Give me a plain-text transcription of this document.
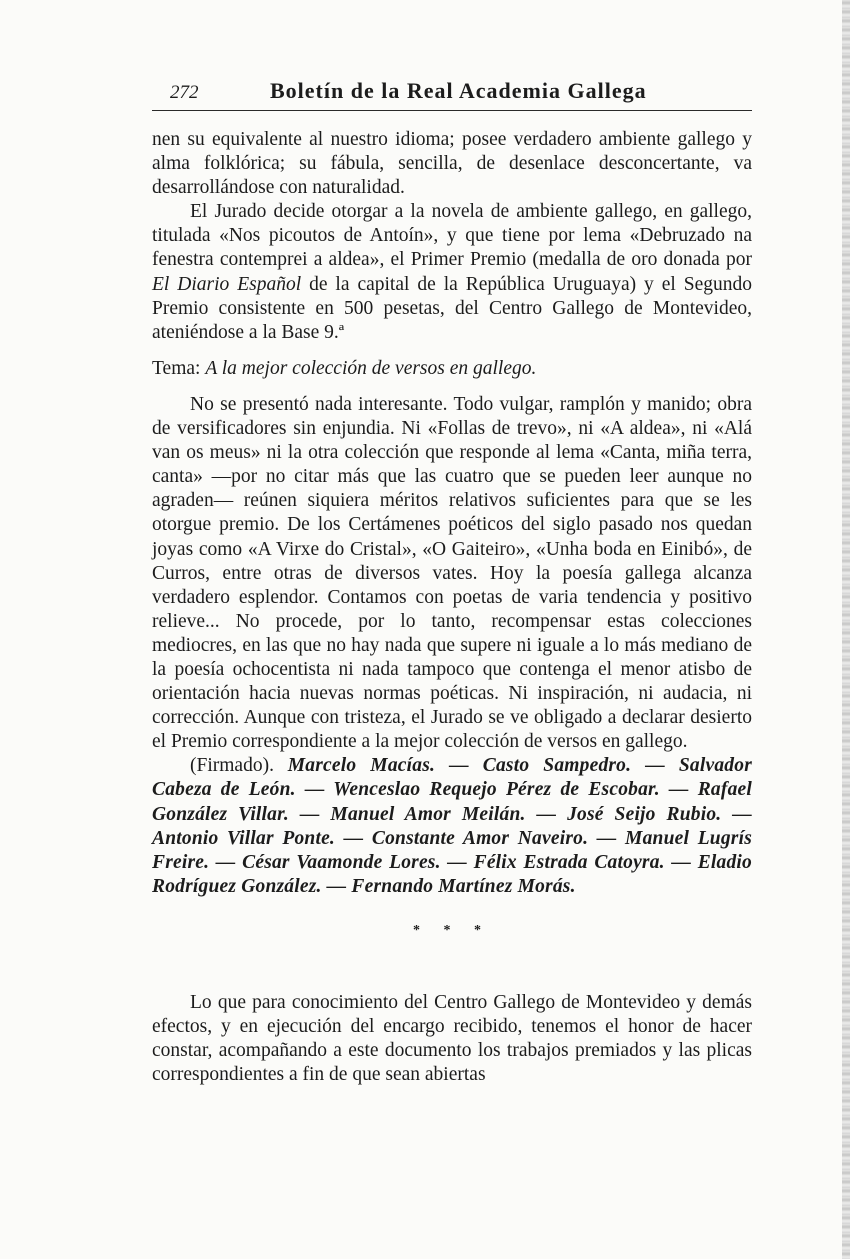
272	Boletín de la Real Academia Gallega

nen su equivalente al nuestro idioma; posee verdadero ambiente gallego y alma folklórica; su fábula, sencilla, de desenlace desconcertante, va desarrollándose con naturalidad.

El Jurado decide otorgar a la novela de ambiente gallego, en gallego, titulada «Nos picoutos de Antoín», y que tiene por lema «Debruzado na fenestra contemprei a aldea», el Primer Premio (medalla de oro donada por El Diario Español de la capital de la República Uruguaya) y el Segundo Premio consistente en 500 pesetas, del Centro Gallego de Montevideo, ateniéndose a la Base 9.ª

Tema: A la mejor colección de versos en gallego.

No se presentó nada interesante. Todo vulgar, ramplón y manido; obra de versificadores sin enjundia. Ni «Follas de trevo», ni «A aldea», ni «Alá van os meus» ni la otra colección que responde al lema «Canta, miña terra, canta» —por no citar más que las cuatro que se pueden leer aunque no agraden— reúnen siquiera méritos relativos suficientes para que se les otorgue premio. De los Certámenes poéticos del siglo pasado nos quedan joyas como «A Virxe do Cristal», «O Gaiteiro», «Unha boda en Einibó», de Curros, entre otras de diversos vates. Hoy la poesía gallega alcanza verdadero esplendor. Contamos con poetas de varia tendencia y positivo relieve... No procede, por lo tanto, recompensar estas colecciones mediocres, en las que no hay nada que supere ni iguale a lo más mediano de la poesía ochocentista ni nada tampoco que contenga el menor atisbo de orientación hacia nuevas normas poéticas. Ni inspiración, ni audacia, ni corrección. Aunque con tristeza, el Jurado se ve obligado a declarar desierto el Premio correspondiente a la mejor colección de versos en gallego.

(Firmado). Marcelo Macías. — Casto Sampedro. — Salvador Cabeza de León. — Wenceslao Requejo Pérez de Escobar. — Rafael González Villar. — Manuel Amor Meilán. — José Seijo Rubio. — Antonio Villar Ponte. — Constante Amor Naveiro. — Manuel Lugrís Freire. — César Vaamonde Lores. — Félix Estrada Catoyra. — Eladio Rodríguez González. — Fernando Martínez Morás.

* * *

Lo que para conocimiento del Centro Gallego de Montevideo y demás efectos, y en ejecución del encargo recibido, tenemos el honor de hacer constar, acompañando a este documento los trabajos premiados y las plicas correspondientes a fin de que sean abiertas
